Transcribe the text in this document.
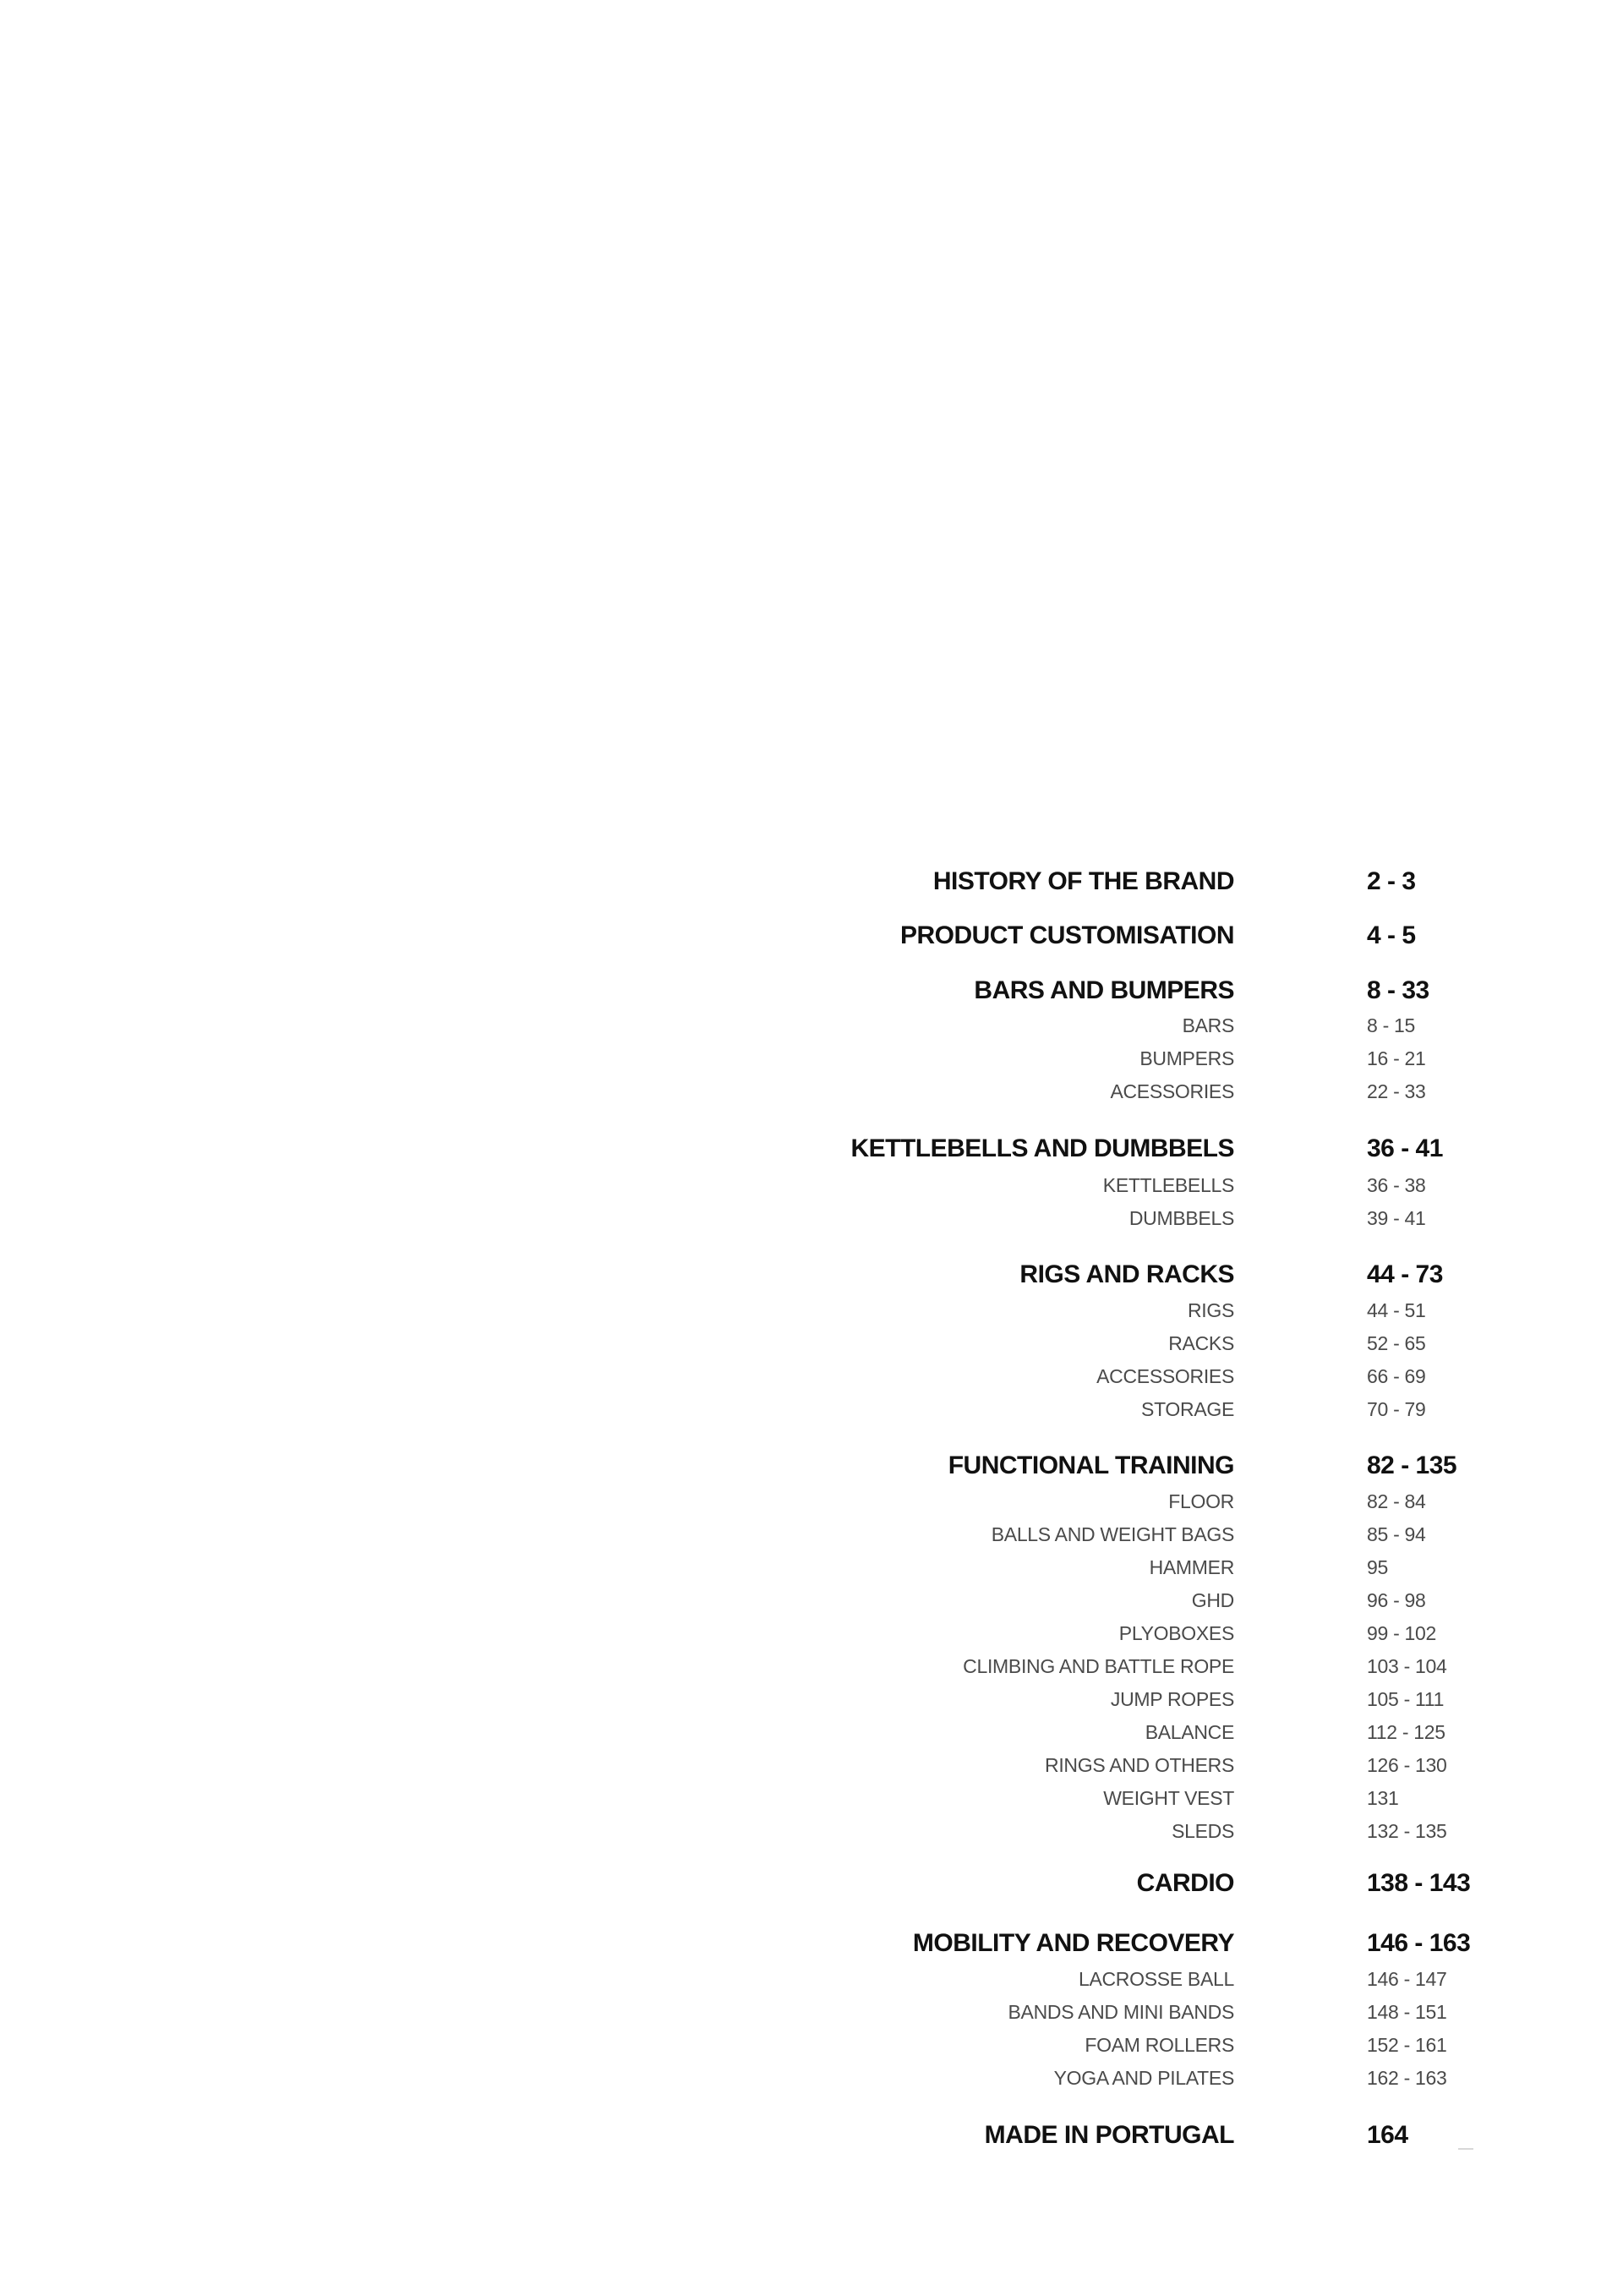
HISTORY OF THE BRAND	2 - 3
PRODUCT CUSTOMISATION	4 - 5
BARS AND BUMPERS	8 - 33
BARS	8 - 15
BUMPERS	16 - 21
ACESSORIES	22 - 33
KETTLEBELLS AND DUMBBELS	36 - 41
KETTLEBELLS	36 - 38
DUMBBELS	39 - 41
RIGS AND RACKS	44 - 73
RIGS	44 - 51
RACKS	52 - 65
ACCESSORIES	66 - 69
STORAGE	70 - 79
FUNCTIONAL TRAINING	82 - 135
FLOOR	82 - 84
BALLS AND WEIGHT BAGS	85 - 94
HAMMER	95
GHD	96 - 98
PLYOBOXES	99 - 102
CLIMBING AND BATTLE ROPE	103 - 104
JUMP ROPES	105 - 111
BALANCE	112 - 125
RINGS AND OTHERS	126 - 130
WEIGHT VEST	131
SLEDS	132 - 135
CARDIO	138 - 143
MOBILITY AND RECOVERY	146 - 163
LACROSSE BALL	146 - 147
BANDS AND MINI BANDS	148 - 151
FOAM ROLLERS	152 - 161
YOGA AND PILATES	162 - 163
MADE IN PORTUGAL	164
